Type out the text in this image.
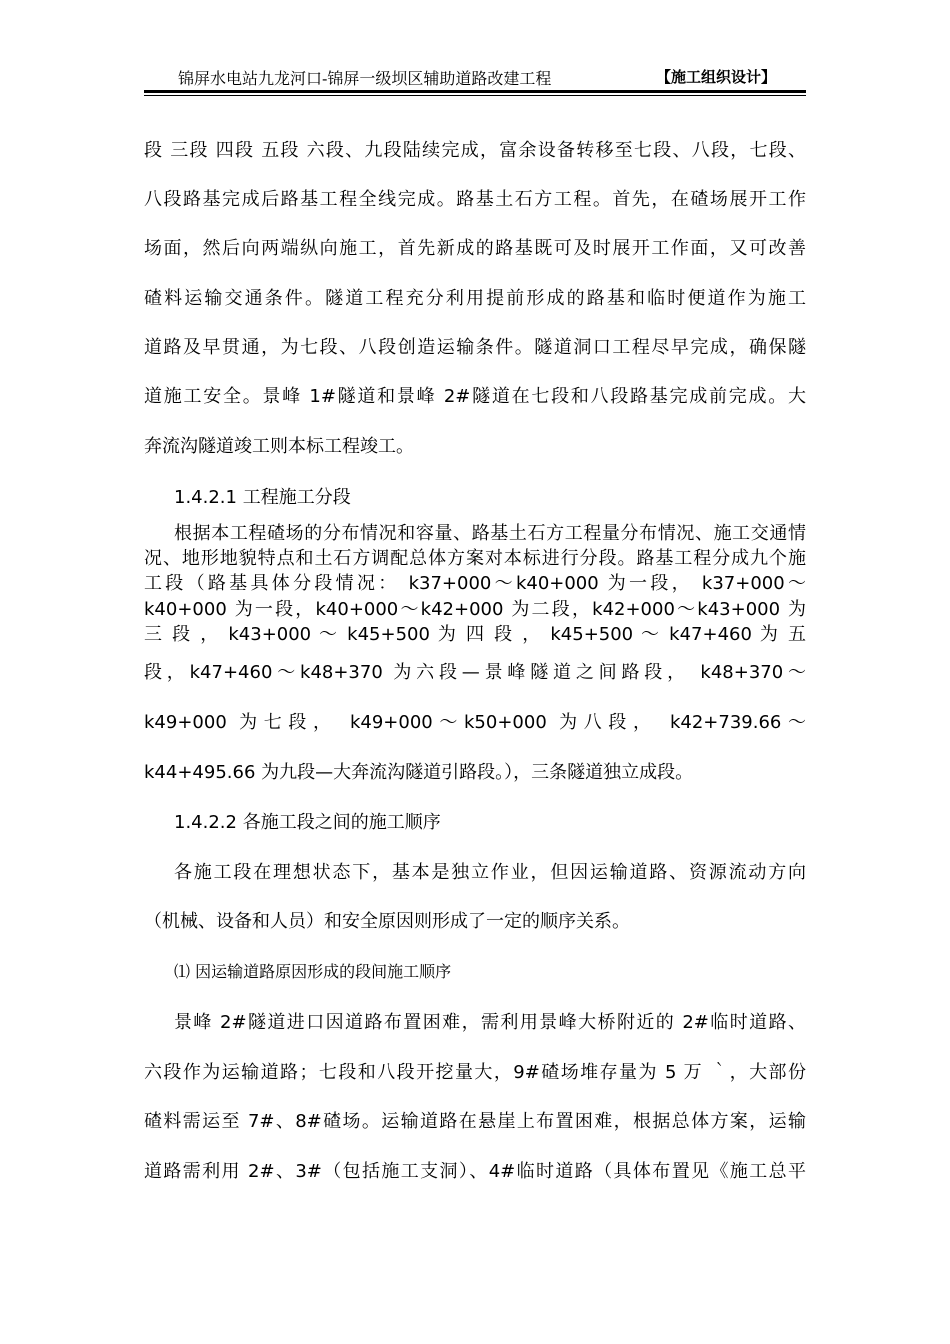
锦屏水电站九龙河口-锦屏一级坝区辅助道路改建工程	【施工组织设计】
段 三段 四段 五段 六段、九段陆续完成，富余设备转移至七段、八段，七段、
八段路基完成后路基工程全线完成。路基土石方工程。首先，在碴场展开工作
场面，然后向两端纵向施工，首先新成的路基既可及时展开工作面，又可改善
碴料运输交通条件。隧道工程充分利用提前形成的路基和临时便道作为施工
道路及早贯通，为七段、八段创造运输条件。隧道洞口工程尽早完成，确保隧
道施工安全。景峰 1#隧道和景峰 2#隧道在七段和八段路基完成前完成。大
奔流沟隧道竣工则本标工程竣工。
1.4.2.1 工程施工分段
根据本工程碴场的分布情况和容量、路基土石方工程量分布情况、施工交通情
况、地形地貌特点和土石方调配总体方案对本标进行分段。路基工程分成九个施
工段（路基具体分段情况： k37+000～k40+000 为一段， k37+000～
k40+000 为一段，k40+000～k42+000 为二段，k42+000～k43+000 为
三 段 ， k43+000 ～ k45+500 为 四 段 ， k45+500 ～ k47+460 为 五
段，k47+460～k48+370 为六段—景峰隧道之间路段， k48+370～
k49+000 为七段， k49+000～k50+000 为八段， k42+739.66～
k44+495.66 为九段—大奔流沟隧道引路段。），三条隧道独立成段。
1.4.2.2 各施工段之间的施工顺序
各施工段在理想状态下，基本是独立作业，但因运输道路、资源流动方向
（机械、设备和人员）和安全原因则形成了一定的顺序关系。
⑴ 因运输道路原因形成的段间施工顺序
景峰 2#隧道进口因道路布置困难，需利用景峰大桥附近的 2#临时道路、
六段作为运输道路；七段和八段开挖量大，9#碴场堆存量为 5 万 ｀，大部份
碴料需运至 7#、8#碴场。运输道路在悬崖上布置困难，根据总体方案，运输
道路需利用 2#、3#（包括施工支洞）、4#临时道路（具体布置见《施工总平
